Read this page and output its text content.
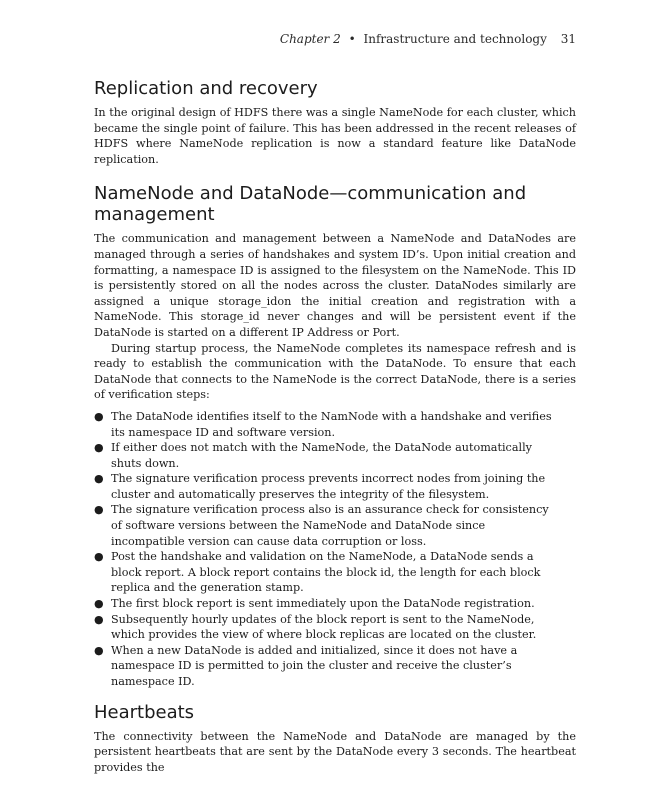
Chapter 2 • Infrastructure and technology 31
Replication and recovery

In the original design of HDFS there was a single NameNode for each cluster, which became the single point of failure. This has been addressed in the recent releases of HDFS where NameNode replication is now a standard feature like DataNode replication.

NameNode and DataNode—communication and management

The communication and management between a NameNode and DataNodes are managed through a series of handshakes and system ID’s. Upon initial creation and formatting, a namespace ID is assigned to the filesystem on the NameNode. This ID is persistently stored on all the nodes across the cluster. DataNodes similarly are assigned a unique storage_idon the initial creation and registration with a NameNode. This storage_id never changes and will be persistent event if the DataNode is started on a different IP Address or Port.

During startup process, the NameNode completes its namespace refresh and is ready to establish the communication with the DataNode. To ensure that each DataNode that connects to the NameNode is the correct DataNode, there is a series of verification steps:

● The DataNode identifies itself to the NamNode with a handshake and verifies its namespace ID and software version.
● If either does not match with the NameNode, the DataNode automatically shuts down.
● The signature verification process prevents incorrect nodes from joining the cluster and automatically preserves the integrity of the filesystem.
● The signature verification process also is an assurance check for consistency of software versions between the NameNode and DataNode since incompatible version can cause data corruption or loss.
● Post the handshake and validation on the NameNode, a DataNode sends a block report. A block report contains the block id, the length for each block replica and the generation stamp.
● The first block report is sent immediately upon the DataNode registration.
● Subsequently hourly updates of the block report is sent to the NameNode, which provides the view of where block replicas are located on the cluster.
● When a new DataNode is added and initialized, since it does not have a namespace ID is permitted to join the cluster and receive the cluster’s namespace ID.
Heartbeats

The connectivity between the NameNode and DataNode are managed by the persistent heartbeats that are sent by the DataNode every 3 seconds. The heartbeat provides the
